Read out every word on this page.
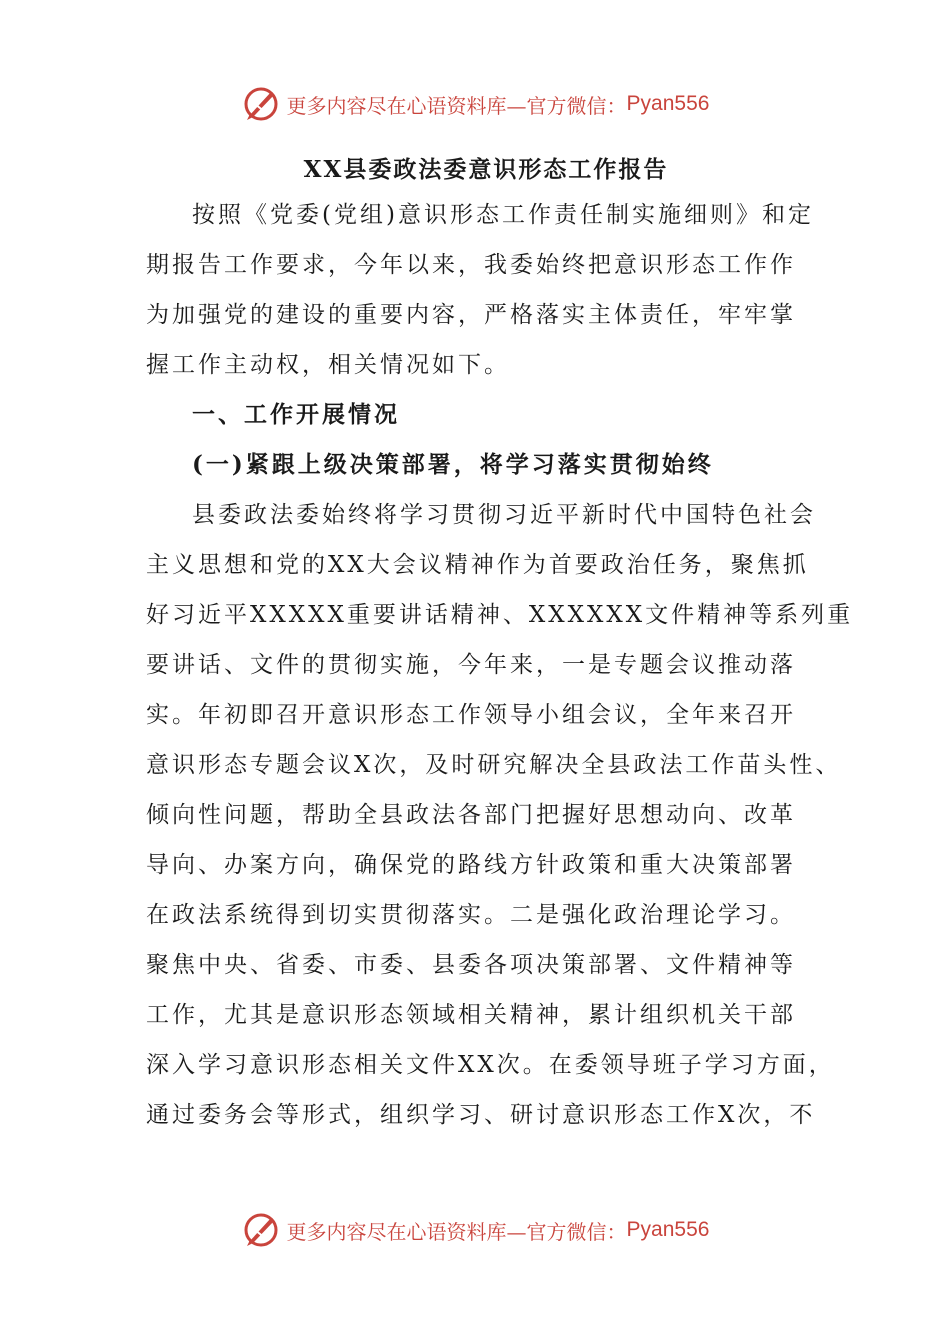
更多内容尽在心语资料库—官方微信： Pyan556
XX县委政法委意识形态工作报告
按照《党委(党组)意识形态工作责任制实施细则》和定
期报告工作要求，今年以来，我委始终把意识形态工作作
为加强党的建设的重要内容，严格落实主体责任，牢牢掌
握工作主动权，相关情况如下。
一、工作开展情况
(一)紧跟上级决策部署，将学习落实贯彻始终
县委政法委始终将学习贯彻习近平新时代中国特色社会
主义思想和党的XX大会议精神作为首要政治任务，聚焦抓
好习近平XXXXX重要讲话精神、XXXXXX文件精神等系列重
要讲话、文件的贯彻实施，今年来，一是专题会议推动落
实。年初即召开意识形态工作领导小组会议，全年来召开
意识形态专题会议X次，及时研究解决全县政法工作苗头性、
倾向性问题，帮助全县政法各部门把握好思想动向、改革
导向、办案方向，确保党的路线方针政策和重大决策部署
在政法系统得到切实贯彻落实。二是强化政治理论学习。
聚焦中央、省委、市委、县委各项决策部署、文件精神等
工作，尤其是意识形态领域相关精神，累计组织机关干部
深入学习意识形态相关文件XX次。在委领导班子学习方面，
通过委务会等形式，组织学习、研讨意识形态工作X次，不
更多内容尽在心语资料库—官方微信： Pyan556
